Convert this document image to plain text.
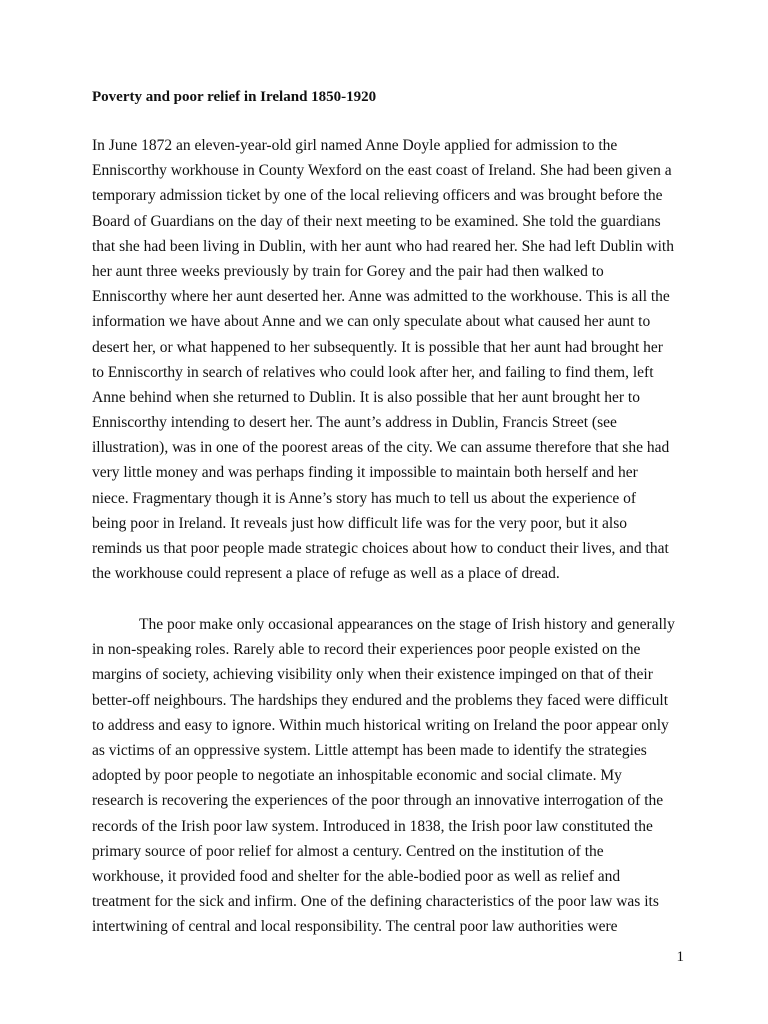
Poverty and poor relief in Ireland 1850-1920

In June 1872 an eleven-year-old girl named Anne Doyle applied for admission to the
Enniscorthy workhouse in County Wexford on the east coast of Ireland. She had been given a
temporary admission ticket by one of the local relieving officers and was brought before the
Board of Guardians on the day of their next meeting to be examined. She told the guardians
that she had been living in Dublin, with her aunt who had reared her. She had left Dublin with
her aunt three weeks previously by train for Gorey and the pair had then walked to
Enniscorthy where her aunt deserted her. Anne was admitted to the workhouse. This is all the
information we have about Anne and we can only speculate about what caused her aunt to
desert her, or what happened to her subsequently. It is possible that her aunt had brought her
to Enniscorthy in search of relatives who could look after her, and failing to find them, left
Anne behind when she returned to Dublin. It is also possible that her aunt brought her to
Enniscorthy intending to desert her. The aunt’s address in Dublin, Francis Street (see
illustration), was in one of the poorest areas of the city. We can assume therefore that she had
very little money and was perhaps finding it impossible to maintain both herself and her
niece. Fragmentary though it is Anne’s story has much to tell us about the experience of
being poor in Ireland. It reveals just how difficult life was for the very poor, but it also
reminds us that poor people made strategic choices about how to conduct their lives, and that
the workhouse could represent a place of refuge as well as a place of dread.

The poor make only occasional appearances on the stage of Irish history and generally
in non-speaking roles. Rarely able to record their experiences poor people existed on the
margins of society, achieving visibility only when their existence impinged on that of their
better-off neighbours. The hardships they endured and the problems they faced were difficult
to address and easy to ignore. Within much historical writing on Ireland the poor appear only
as victims of an oppressive system. Little attempt has been made to identify the strategies
adopted by poor people to negotiate an inhospitable economic and social climate. My
research is recovering the experiences of the poor through an innovative interrogation of the
records of the Irish poor law system. Introduced in 1838, the Irish poor law constituted the
primary source of poor relief for almost a century. Centred on the institution of the
workhouse, it provided food and shelter for the able-bodied poor as well as relief and
treatment for the sick and infirm. One of the defining characteristics of the poor law was its
intertwining of central and local responsibility. The central poor law authorities were

1
